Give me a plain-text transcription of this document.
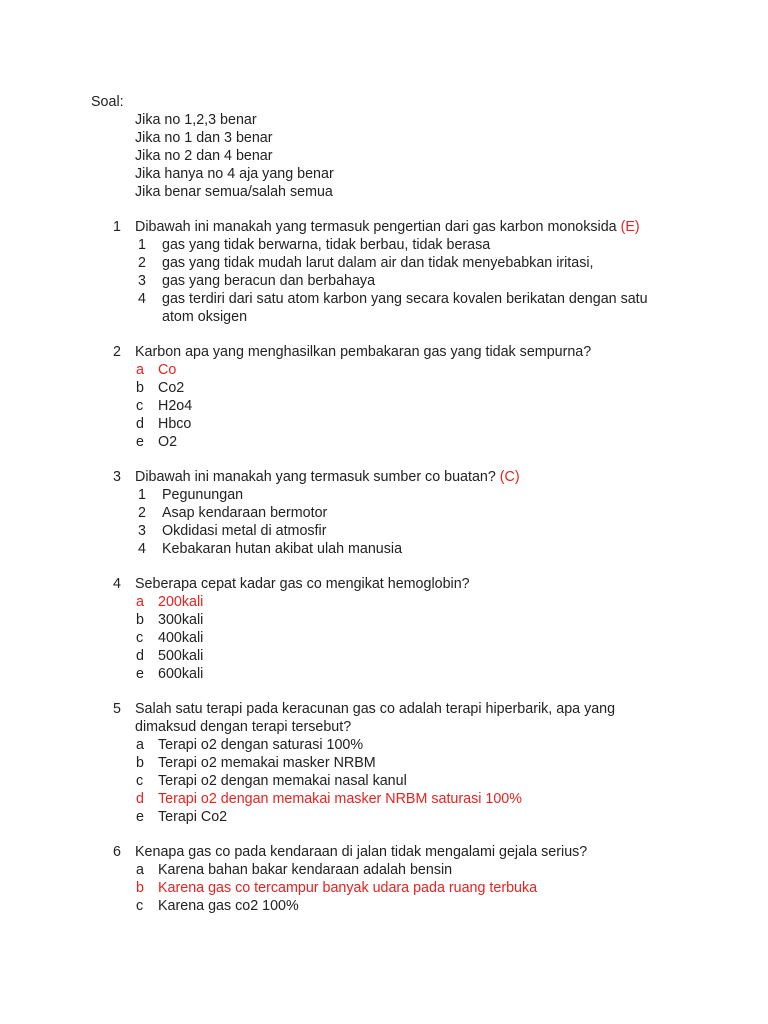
Soal:
Jika no 1,2,3 benar
Jika no 1 dan 3 benar
Jika no 2 dan 4 benar
Jika hanya no 4 aja yang benar
Jika benar semua/salah semua
1 Dibawah ini manakah yang termasuk pengertian dari gas karbon monoksida (E)
1 gas yang tidak berwarna, tidak berbau, tidak berasa
2 gas yang tidak mudah larut dalam air dan tidak menyebabkan iritasi,
3 gas yang beracun dan berbahaya
4 gas terdiri dari satu atom karbon yang secara kovalen berikatan dengan satu atom oksigen
2 Karbon apa yang menghasilkan pembakaran gas yang tidak sempurna?
a Co
b Co2
c H2o4
d Hbco
e O2
3 Dibawah ini manakah yang termasuk sumber co buatan? (C)
1 Pegunungan
2 Asap kendaraan bermotor
3 Okdidasi metal di atmosfir
4 Kebakaran hutan akibat ulah manusia
4 Seberapa cepat kadar gas co mengikat hemoglobin?
a 200kali
b 300kali
c 400kali
d 500kali
e 600kali
5 Salah satu terapi pada keracunan gas co adalah terapi hiperbarik, apa yang dimaksud dengan terapi tersebut?
a Terapi o2 dengan saturasi 100%
b Terapi o2 memakai masker NRBM
c Terapi o2 dengan memakai nasal kanul
d Terapi o2 dengan memakai masker NRBM saturasi 100%
e Terapi Co2
6 Kenapa gas co pada kendaraan di jalan tidak mengalami gejala serius?
a Karena bahan bakar kendaraan adalah bensin
b Karena gas co tercampur banyak udara pada ruang terbuka
c Karena gas co2 100%
